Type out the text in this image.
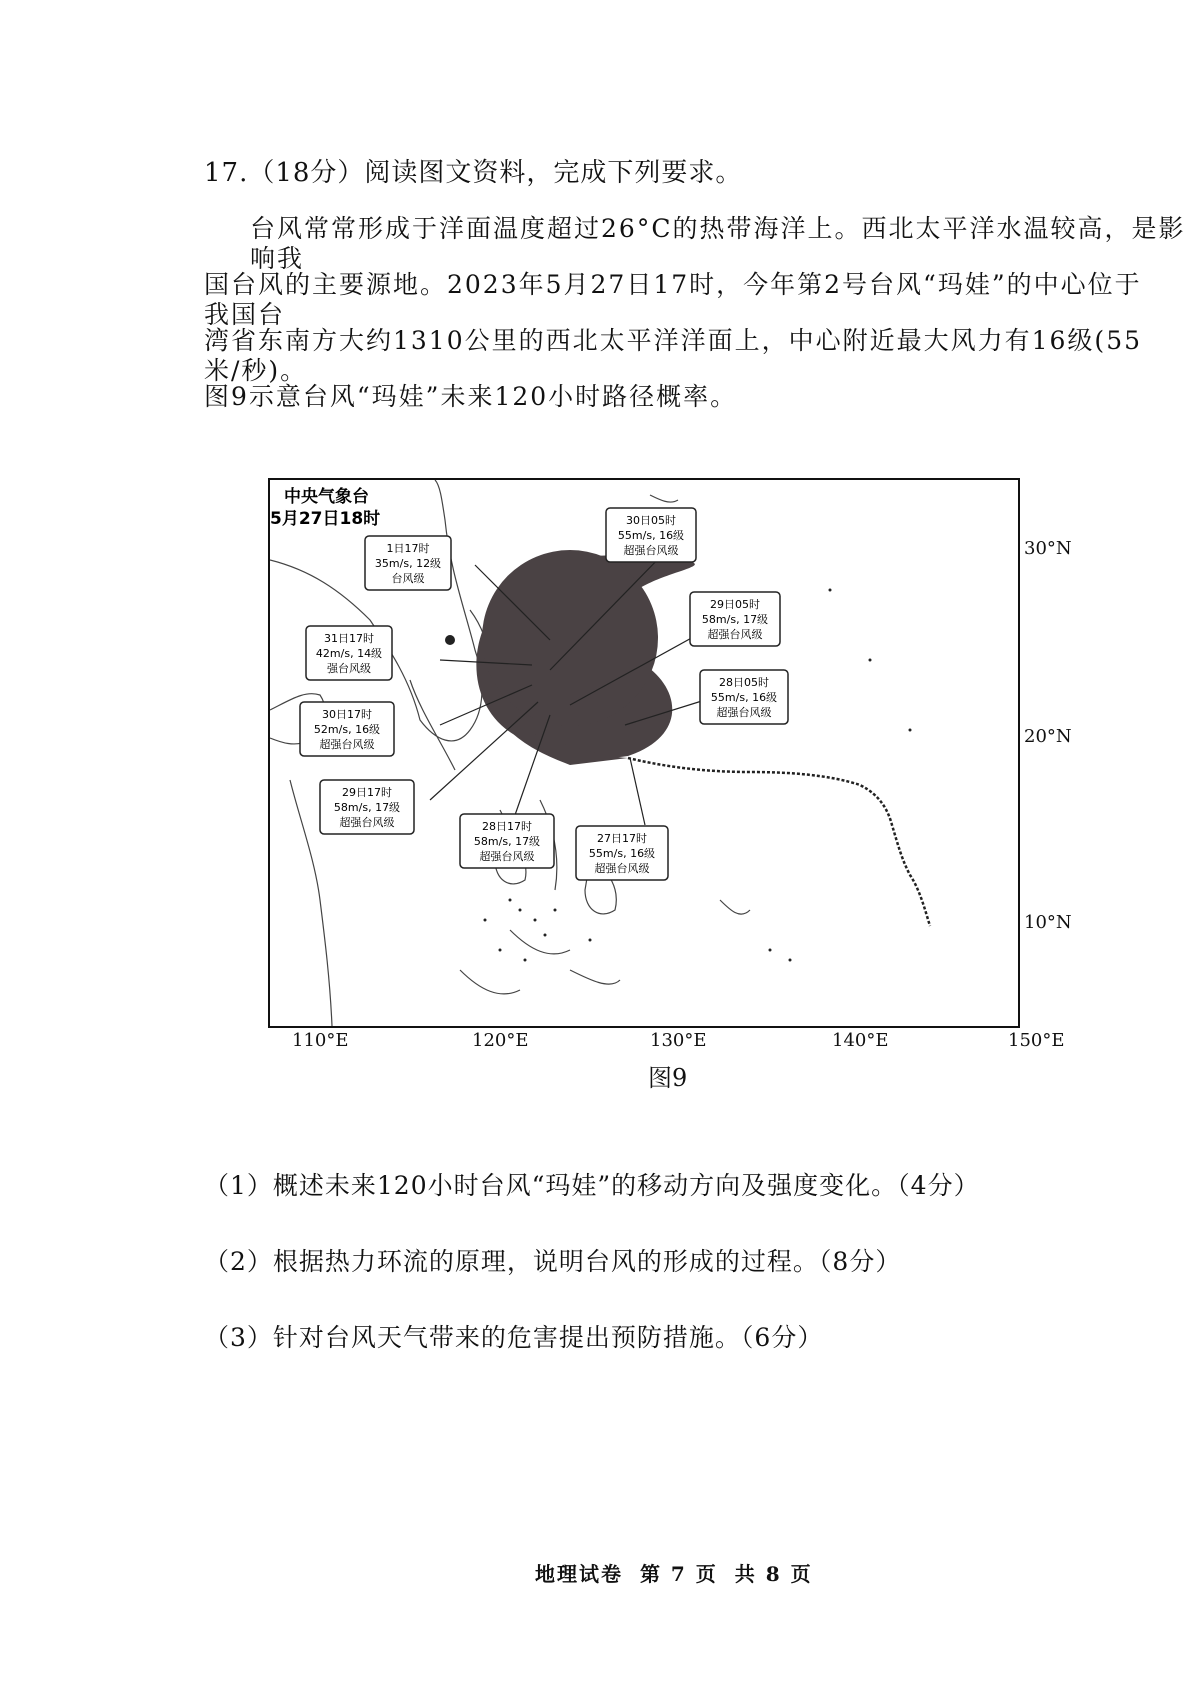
17.（18分）阅读图文资料，完成下列要求。
台风常常形成于洋面温度超过26°C的热带海洋上。西北太平洋水温较高，是影响我
国台风的主要源地。2023年5月27日17时，今年第2号台风“玛娃”的中心位于我国台
湾省东南方大约1310公里的西北太平洋洋面上，中心附近最大风力有16级(55米/秒)。
图9示意台风“玛娃”未来120小时路径概率。
中央气象台
5月27日18时
1日17时
35m/s, 12级
台风级
31日17时
42m/s, 14级
强台风级
30日17时
52m/s, 16级
超强台风级
29日17时
58m/s, 17级
超强台风级	28日17时
58m/s, 17级
超强台风级
27日17时
55m/s, 16级
超强台风级
28日05时
55m/s, 16级
超强台风级
29日05时
58m/s, 17级
超强台风级
30日05时
55m/s, 16级
超强台风级	30°N
20°N
10°N
110°E	120°E	130°E	140°E	150°E
图9
（1）概述未来120小时台风“玛娃”的移动方向及强度变化。（4分）
（2）根据热力环流的原理，说明台风的形成的过程。（8分）
（3）针对台风天气带来的危害提出预防措施。（6分）
地理试卷 第 7 页 共 8 页
